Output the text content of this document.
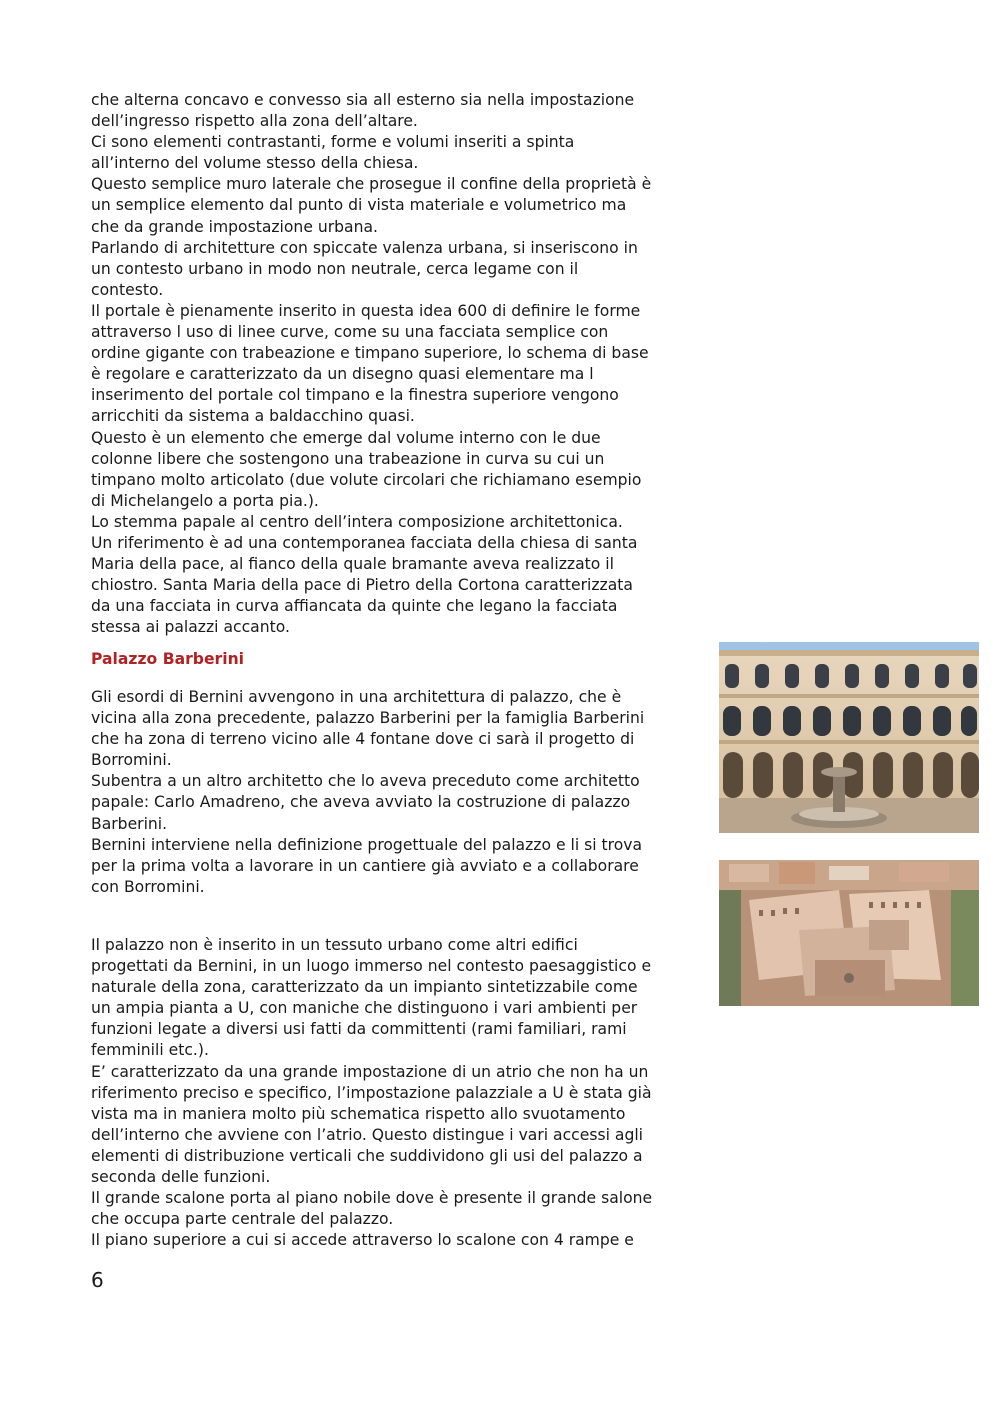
che alterna concavo e convesso sia all esterno sia nella impostazione
dell’ingresso rispetto alla zona dell’altare.
Ci sono elementi contrastanti, forme e volumi inseriti a spinta
all’interno del volume stesso della chiesa.
Questo semplice muro laterale che prosegue il confine della proprietà è
un semplice elemento dal punto di vista materiale e volumetrico ma
che da grande impostazione urbana.
Parlando di architetture con spiccate valenza urbana, si inseriscono in
un contesto urbano in modo non neutrale, cerca legame con il
contesto.
Il portale è pienamente inserito in questa idea 600 di definire le forme
attraverso l uso di linee curve, come su una facciata semplice con
ordine gigante con trabeazione e timpano superiore, lo schema di base
è regolare e caratterizzato da un disegno quasi elementare ma l
inserimento del portale col timpano e la finestra superiore vengono
arricchiti da sistema a baldacchino quasi.
Questo è un elemento che emerge dal volume interno con le due
colonne libere che sostengono una trabeazione in curva su cui un
timpano molto articolato (due volute circolari che richiamano esempio
di Michelangelo a porta pia.).
Lo stemma papale al centro dell’intera composizione architettonica.
Un riferimento è ad una contemporanea facciata della chiesa di santa
Maria della pace, al fianco della quale bramante aveva realizzato il
chiostro. Santa Maria della pace di Pietro della Cortona caratterizzata
da una facciata in curva affiancata da quinte che legano la facciata
stessa ai palazzi accanto.
Palazzo Barberini
Gli esordi di Bernini avvengono in una architettura di palazzo, che è
vicina alla zona precedente, palazzo Barberini per la famiglia Barberini
che ha zona di terreno vicino alle 4 fontane dove ci sarà il progetto di
Borromini.
Subentra a un altro architetto che lo aveva preceduto come architetto
papale: Carlo Amadreno, che aveva avviato la costruzione di palazzo
Barberini.
Bernini interviene nella definizione progettuale del palazzo e li si trova
per la prima volta a lavorare in un cantiere già avviato e a collaborare
con Borromini.
Il palazzo non è inserito in un tessuto urbano come altri edifici
progettati da Bernini, in un luogo immerso nel contesto paesaggistico e
naturale della zona, caratterizzato da un impianto sintetizzabile come
un ampia pianta a U, con maniche che distinguono i vari ambienti per
funzioni legate a diversi usi fatti da committenti (rami familiari, rami
femminili etc.).
E’ caratterizzato da una grande impostazione di un atrio che non ha un
riferimento preciso e specifico, l’impostazione palazziale a U è stata già
vista ma in maniera molto più schematica rispetto allo svuotamento
dell’interno che avviene con l’atrio. Questo distingue i vari accessi agli
elementi di distribuzione verticali che suddividono gli usi del palazzo a
seconda delle funzioni.
Il grande scalone porta al piano nobile dove è presente il grande salone
che occupa parte centrale del palazzo.
Il piano superiore a cui si accede attraverso lo scalone con 4 rampe e
6
